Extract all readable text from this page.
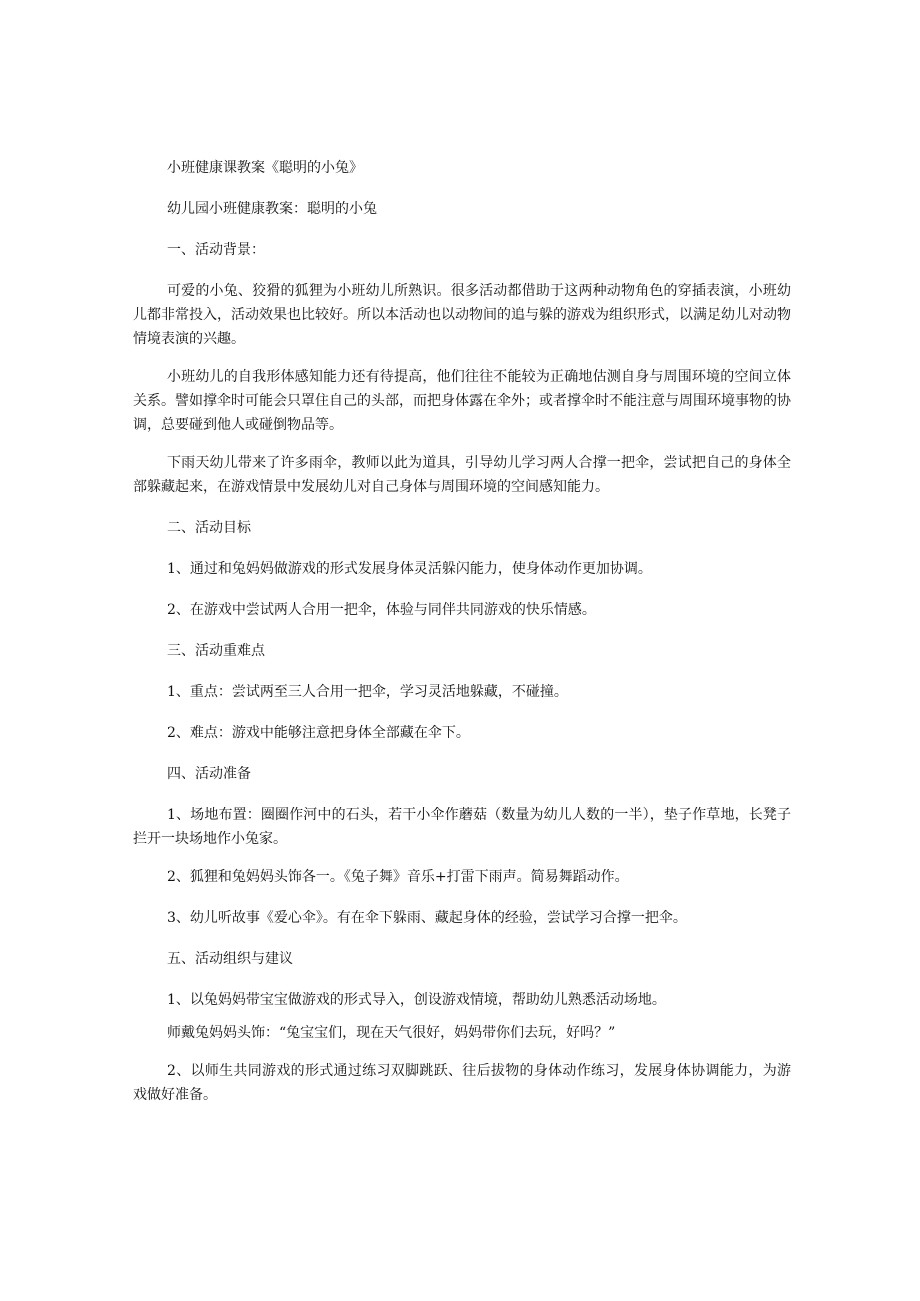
小班健康课教案《聪明的小兔》

幼儿园小班健康教案：聪明的小兔

一、活动背景：

可爱的小兔、狡猾的狐狸为小班幼儿所熟识。很多活动都借助于这两种动物角色的穿插表演，小班幼儿都非常投入，活动效果也比较好。所以本活动也以动物间的追与躲的游戏为组织形式，以满足幼儿对动物情境表演的兴趣。

小班幼儿的自我形体感知能力还有待提高，他们往往不能较为正确地估测自身与周围环境的空间立体关系。譬如撑伞时可能会只罩住自己的头部，而把身体露在伞外；或者撑伞时不能注意与周围环境事物的协调，总要碰到他人或碰倒物品等。

下雨天幼儿带来了许多雨伞，教师以此为道具，引导幼儿学习两人合撑一把伞，尝试把自己的身体全部躲藏起来，在游戏情景中发展幼儿对自己身体与周围环境的空间感知能力。

二、活动目标

1、通过和兔妈妈做游戏的形式发展身体灵活躲闪能力，使身体动作更加协调。

2、在游戏中尝试两人合用一把伞，体验与同伴共同游戏的快乐情感。

三、活动重难点

1、重点：尝试两至三人合用一把伞，学习灵活地躲藏，不碰撞。

2、难点：游戏中能够注意把身体全部藏在伞下。

四、活动准备

1、场地布置：圈圈作河中的石头，若干小伞作蘑菇（数量为幼儿人数的一半），垫子作草地，长凳子拦开一块场地作小兔家。

2、狐狸和兔妈妈头饰各一。《兔子舞》音乐+打雷下雨声。简易舞蹈动作。

3、幼儿听故事《爱心伞》。有在伞下躲雨、藏起身体的经验，尝试学习合撑一把伞。

五、活动组织与建议

1、以兔妈妈带宝宝做游戏的形式导入，创设游戏情境，帮助幼儿熟悉活动场地。

师戴兔妈妈头饰：“兔宝宝们，现在天气很好，妈妈带你们去玩，好吗？”

2、以师生共同游戏的形式通过练习双脚跳跃、往后拔物的身体动作练习，发展身体协调能力，为游戏做好准备。
